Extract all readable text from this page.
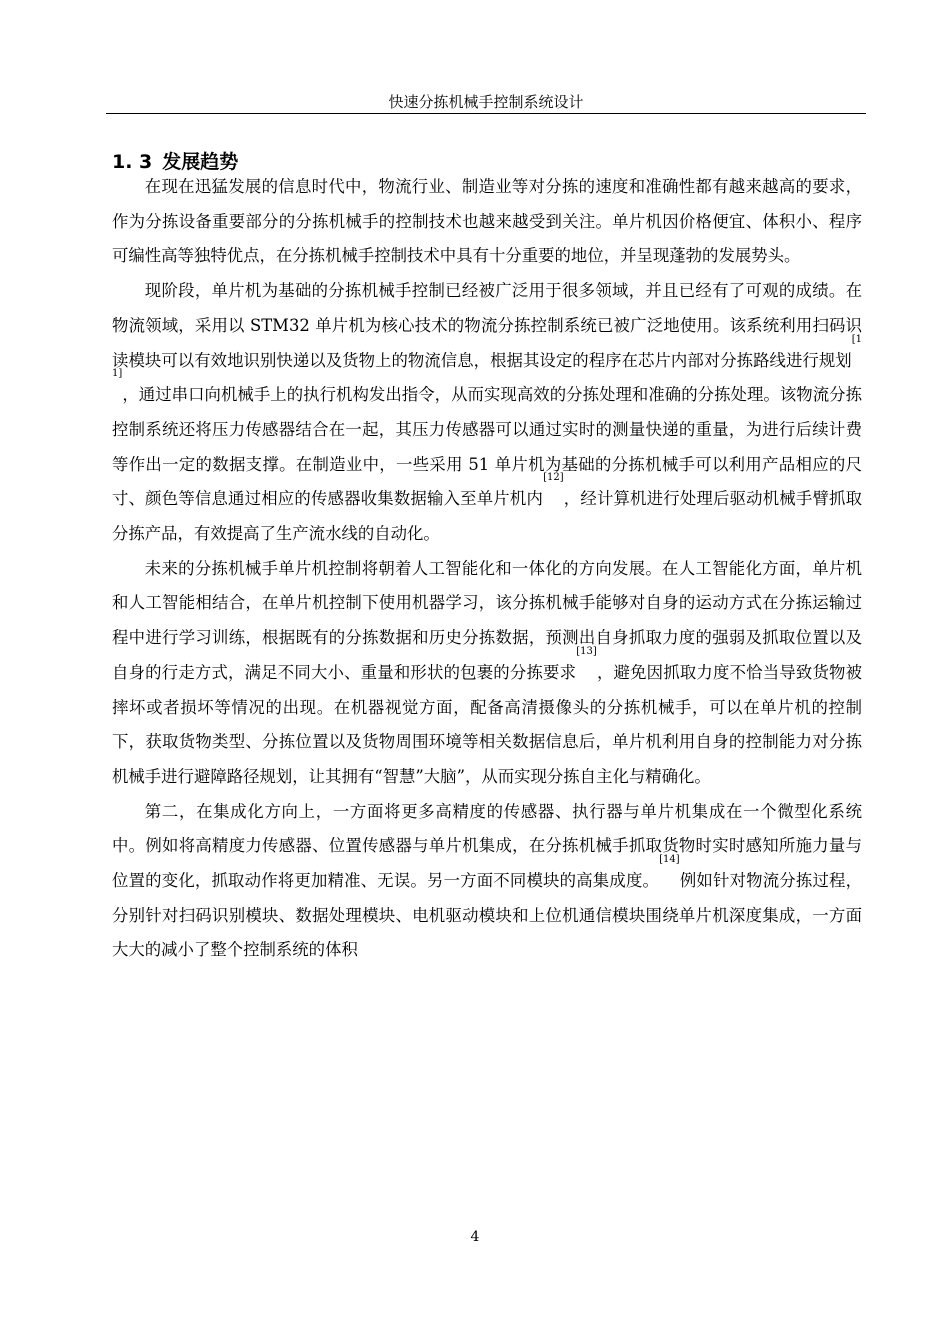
快速分拣机械手控制系统设计
1. 3 发展趋势

在现在迅猛发展的信息时代中，物流行业、制造业等对分拣的速度和准确性都有越来越高的要求，作为分拣设备重要部分的分拣机械手的控制技术也越来越受到关注。单片机因价格便宜、体积小、程序可编性高等独特优点，在分拣机械手控制技术中具有十分重要的地位，并呈现蓬勃的发展势头。

现阶段，单片机为基础的分拣机械手控制已经被广泛用于很多领域，并且已经有了可观的成绩。在物流领域，采用以 STM32 单片机为核心技术的物流分拣控制系统已被广泛地使用。该系统利用扫码识读模块可以有效地识别快递以及货物上的物流信息，根据其设定的程序在芯片内部对分拣路线进行规划[11]，通过串口向机械手上的执行机构发出指令，从而实现高效的分拣处理和准确的分拣处理。该物流分拣控制系统还将压力传感器结合在一起，其压力传感器可以通过实时的测量快递的重量，为进行后续计费等作出一定的数据支撑。在制造业中，一些采用 51 单片机为基础的分拣机械手可以利用产品相应的尺寸、颜色等信息通过相应的传感器收集数据输入至单片机内[12]，经计算机进行处理后驱动机械手臂抓取分拣产品，有效提高了生产流水线的自动化。

未来的分拣机械手单片机控制将朝着人工智能化和一体化的方向发展。在人工智能化方面，单片机和人工智能相结合，在单片机控制下使用机器学习，该分拣机械手能够对自身的运动方式在分拣运输过程中进行学习训练，根据既有的分拣数据和历史分拣数据，预测出自身抓取力度的强弱及抓取位置以及自身的行走方式，满足不同大小、重量和形状的包裹的分拣要求[13]，避免因抓取力度不恰当导致货物被摔坏或者损坏等情况的出现。在机器视觉方面，配备高清摄像头的分拣机械手，可以在单片机的控制下，获取货物类型、分拣位置以及货物周围环境等相关数据信息后，单片机利用自身的控制能力对分拣机械手进行避障路径规划，让其拥有“智慧”大脑”，从而实现分拣自主化与精确化。

第二，在集成化方向上，一方面将更多高精度的传感器、执行器与单片机集成在一个微型化系统中。例如将高精度力传感器、位置传感器与单片机集成，在分拣机械手抓取货物时实时感知所施力量与位置的变化，抓取动作将更加精准、无误。另一方面不同模块的高集成度。[14]例如针对物流分拣过程，分别针对扫码识别模块、数据处理模块、电机驱动模块和上位机通信模块围绕单片机深度集成，一方面大大的减小了整个控制系统的体积

4
